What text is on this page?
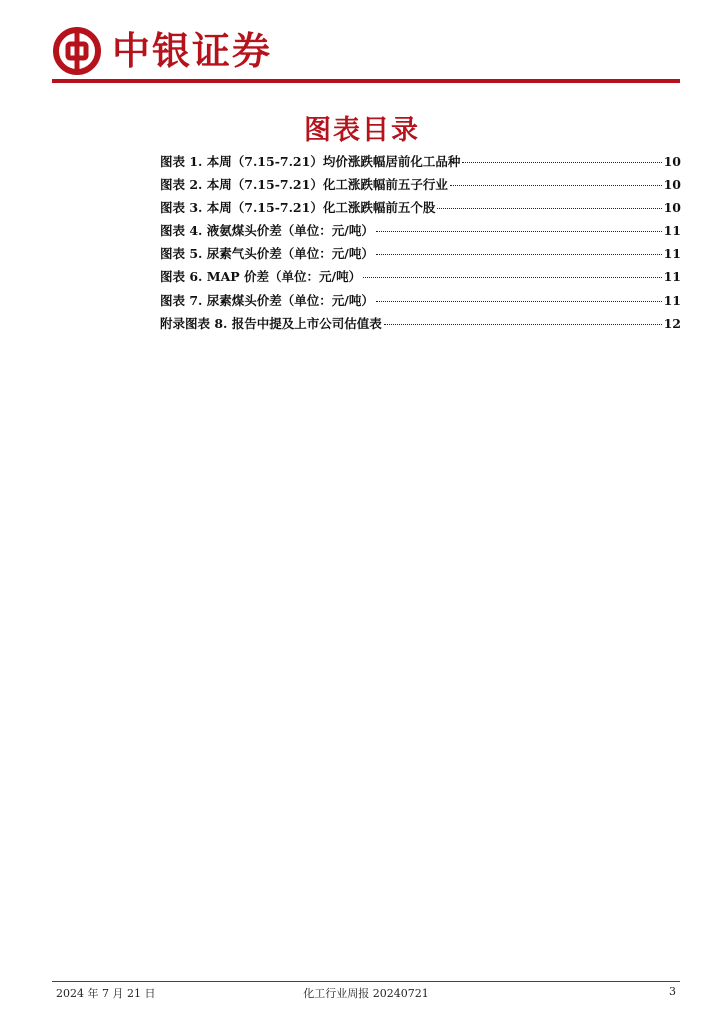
中银证券
图表目录
图表 1. 本周（7.15-7.21）均价涨跌幅居前化工品种	10
图表 2. 本周（7.15-7.21）化工涨跌幅前五子行业	10
图表 3. 本周（7.15-7.21）化工涨跌幅前五个股	10
图表 4. 液氨煤头价差（单位：元/吨）	11
图表 5. 尿素气头价差（单位：元/吨）	11
图表 6. MAP 价差（单位：元/吨）	11
图表 7. 尿素煤头价差（单位：元/吨）	11
附录图表 8. 报告中提及上市公司估值表	12
2024 年 7 月 21 日	化工行业周报 20240721	3
